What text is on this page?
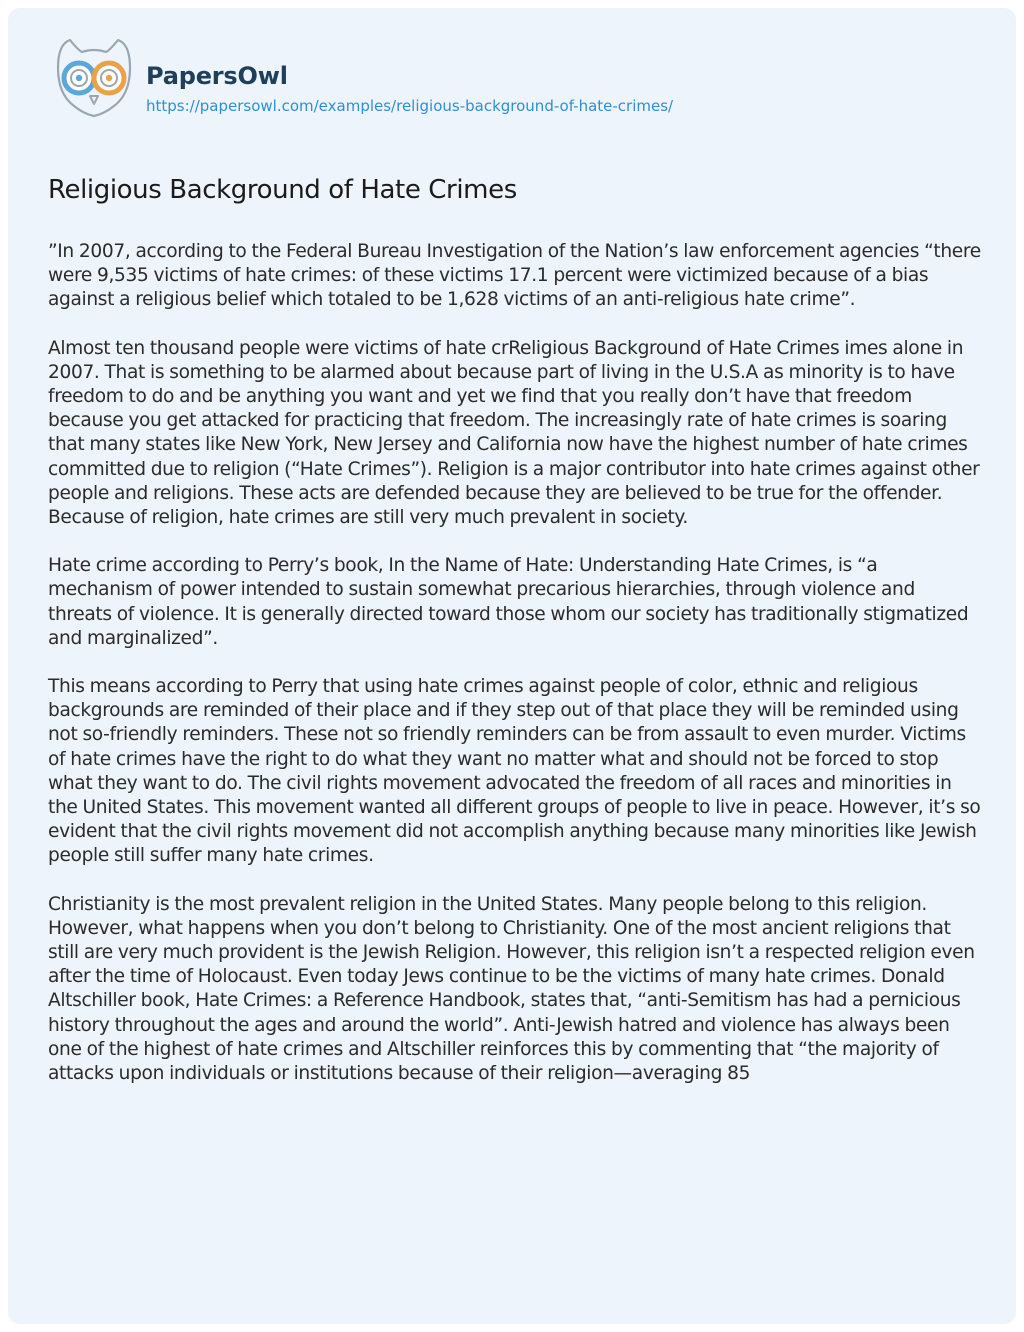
PapersOwl
https://papersowl.com/examples/religious-background-of-hate-crimes/
Religious Background of Hate Crimes

”In 2007, according to the Federal Bureau Investigation of the Nation’s law enforcement agencies “there were 9,535 victims of hate crimes: of these victims 17.1 percent were victimized because of a bias against a religious belief which totaled to be 1,628 victims of an anti-religious hate crime”.

Almost ten thousand people were victims of hate crReligious Background of Hate Crimes imes alone in 2007. That is something to be alarmed about because part of living in the U.S.A as minority is to have freedom to do and be anything you want and yet we find that you really don’t have that freedom because you get attacked for practicing that freedom. The increasingly rate of hate crimes is soaring that many states like New York, New Jersey and California now have the highest number of hate crimes committed due to religion (“Hate Crimes”). Religion is a major contributor into hate crimes against other people and religions. These acts are defended because they are believed to be true for the offender. Because of religion, hate crimes are still very much prevalent in society.

Hate crime according to Perry’s book, In the Name of Hate: Understanding Hate Crimes, is “a mechanism of power intended to sustain somewhat precarious hierarchies, through violence and threats of violence. It is generally directed toward those whom our society has traditionally stigmatized and marginalized”.

This means according to Perry that using hate crimes against people of color, ethnic and religious backgrounds are reminded of their place and if they step out of that place they will be reminded using not so-friendly reminders. These not so friendly reminders can be from assault to even murder. Victims of hate crimes have the right to do what they want no matter what and should not be forced to stop what they want to do. The civil rights movement advocated the freedom of all races and minorities in the United States. This movement wanted all different groups of people to live in peace. However, it’s so evident that the civil rights movement did not accomplish anything because many minorities like Jewish people still suffer many hate crimes.

Christianity is the most prevalent religion in the United States. Many people belong to this religion. However, what happens when you don’t belong to Christianity. One of the most ancient religions that still are very much provident is the Jewish Religion. However, this religion isn’t a respected religion even after the time of Holocaust. Even today Jews continue to be the victims of many hate crimes. Donald Altschiller book, Hate Crimes: a Reference Handbook, states that, “anti-Semitism has had a pernicious history throughout the ages and around the world”. Anti-Jewish hatred and violence has always been one of the highest of hate crimes and Altschiller reinforces this by commenting that “the majority of attacks upon individuals or institutions because of their religion—averaging 85
